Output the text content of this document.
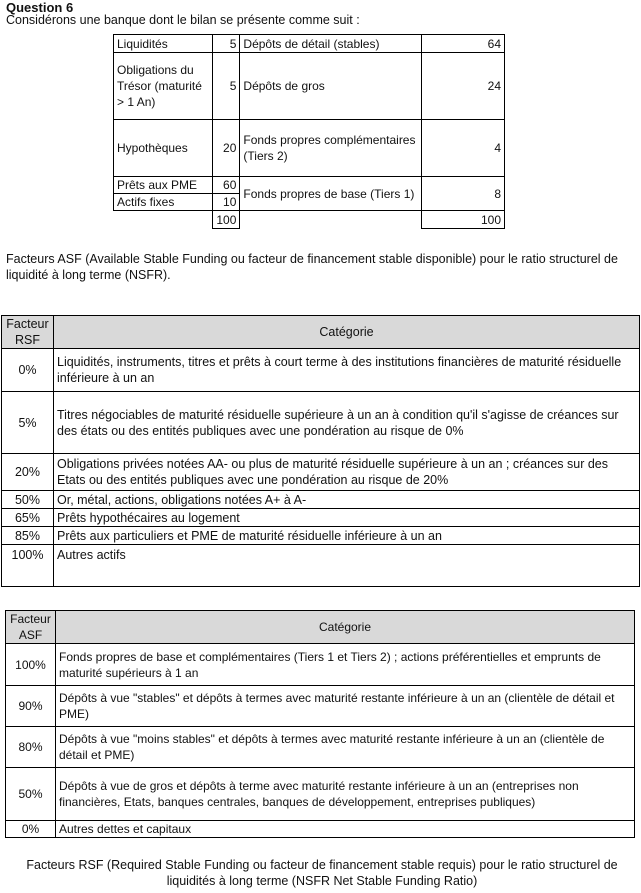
Question 6
Considérons une banque dont le bilan se présente comme suit :
Liquidités	5	Dépôts de détail (stables)	64
Obligations du Trésor (maturité > 1 An)	5	Dépôts de gros	24
Hypothèques	20	Fonds propres complémentaires (Tiers 2)	4
Prêts aux PME	60	Fonds propres de base (Tiers 1)	8
Actifs fixes	10		
	100		100
Facteurs ASF (Available Stable Funding ou facteur de financement stable disponible) pour le ratio structurel de liquidité à long terme (NSFR).
Facteur RSF	Catégorie
0%	Liquidités, instruments, titres et prêts à court terme à des institutions financières de maturité résiduelle inférieure à un an
5%	Titres négociables de maturité résiduelle supérieure à un an à condition qu'il s'agisse de créances sur des états ou des entités publiques avec une pondération au risque de 0%
20%	Obligations privées notées AA- ou plus de maturité résiduelle supérieure à un an ; créances sur des Etats ou des entités publiques avec une pondération au risque de 20%
50%	Or, métal, actions, obligations notées A+ à A-
65%	Prêts hypothécaires au logement
85%	Prêts aux particuliers et PME de maturité résiduelle inférieure à un an
100%	Autres actifs
Facteur ASF	Catégorie
100%	Fonds propres de base et complémentaires (Tiers 1 et Tiers 2) ; actions préférentielles et emprunts de maturité supérieurs à 1 an
90%	Dépôts à vue "stables" et dépôts à termes avec maturité restante inférieure à un an (clientèle de détail et PME)
80%	Dépôts à vue "moins stables" et dépôts à termes avec maturité restante inférieure à un an (clientèle de détail et PME)
50%	Dépôts à vue de gros et dépôts à terme avec maturité restante inférieure à un an (entreprises non financières, Etats, banques centrales, banques de développement, entreprises publiques)
0%	Autres dettes et capitaux
Facteurs RSF (Required Stable Funding ou facteur de financement stable requis) pour le ratio structurel de liquidités à long terme (NSFR Net Stable Funding Ratio)
